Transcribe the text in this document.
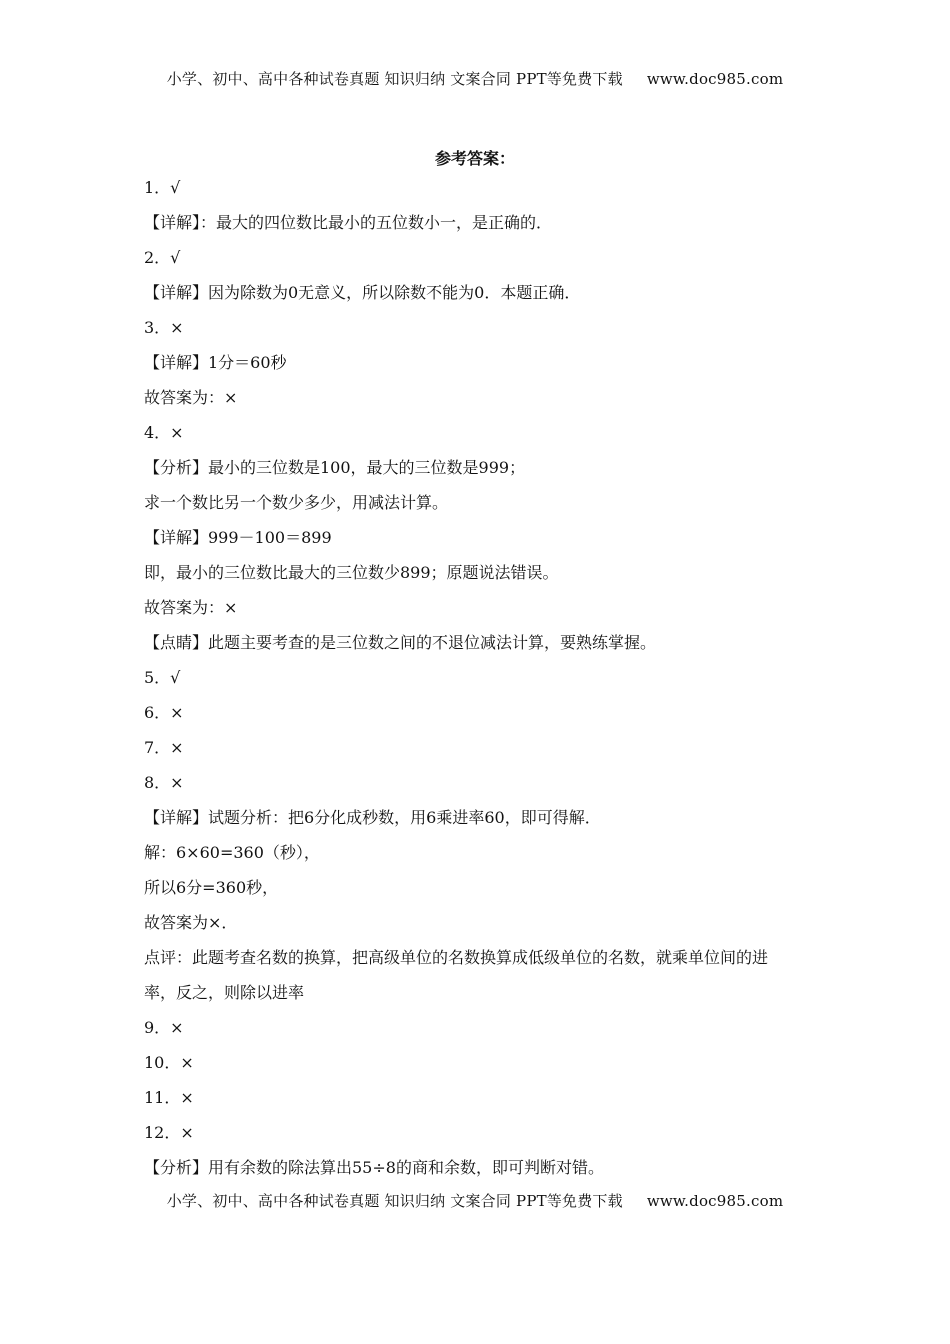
小学、初中、高中各种试卷真题 知识归纳 文案合同 PPT等免费下载 www.doc985.com
参考答案：
1．√
【详解】：最大的四位数比最小的五位数小一，是正确的．
2．√
【详解】因为除数为0无意义，所以除数不能为0．本题正确．
3．×
【详解】1分＝60秒
故答案为：×
4．×
【分析】最小的三位数是100，最大的三位数是999；
求一个数比另一个数少多少，用减法计算。
【详解】999－100＝899
即，最小的三位数比最大的三位数少899；原题说法错误。
故答案为：×
【点睛】此题主要考查的是三位数之间的不退位减法计算，要熟练掌握。
5．√
6．×
7．×
8．×
【详解】试题分析：把6分化成秒数，用6乘进率60，即可得解．
解：6×60=360（秒），
所以6分=360秒，
故答案为×．
点评：此题考查名数的换算，把高级单位的名数换算成低级单位的名数，就乘单位间的进
率，反之，则除以进率
9．×
10．×
11．×
12．×
【分析】用有余数的除法算出55÷8的商和余数，即可判断对错。
小学、初中、高中各种试卷真题 知识归纳 文案合同 PPT等免费下载 www.doc985.com
